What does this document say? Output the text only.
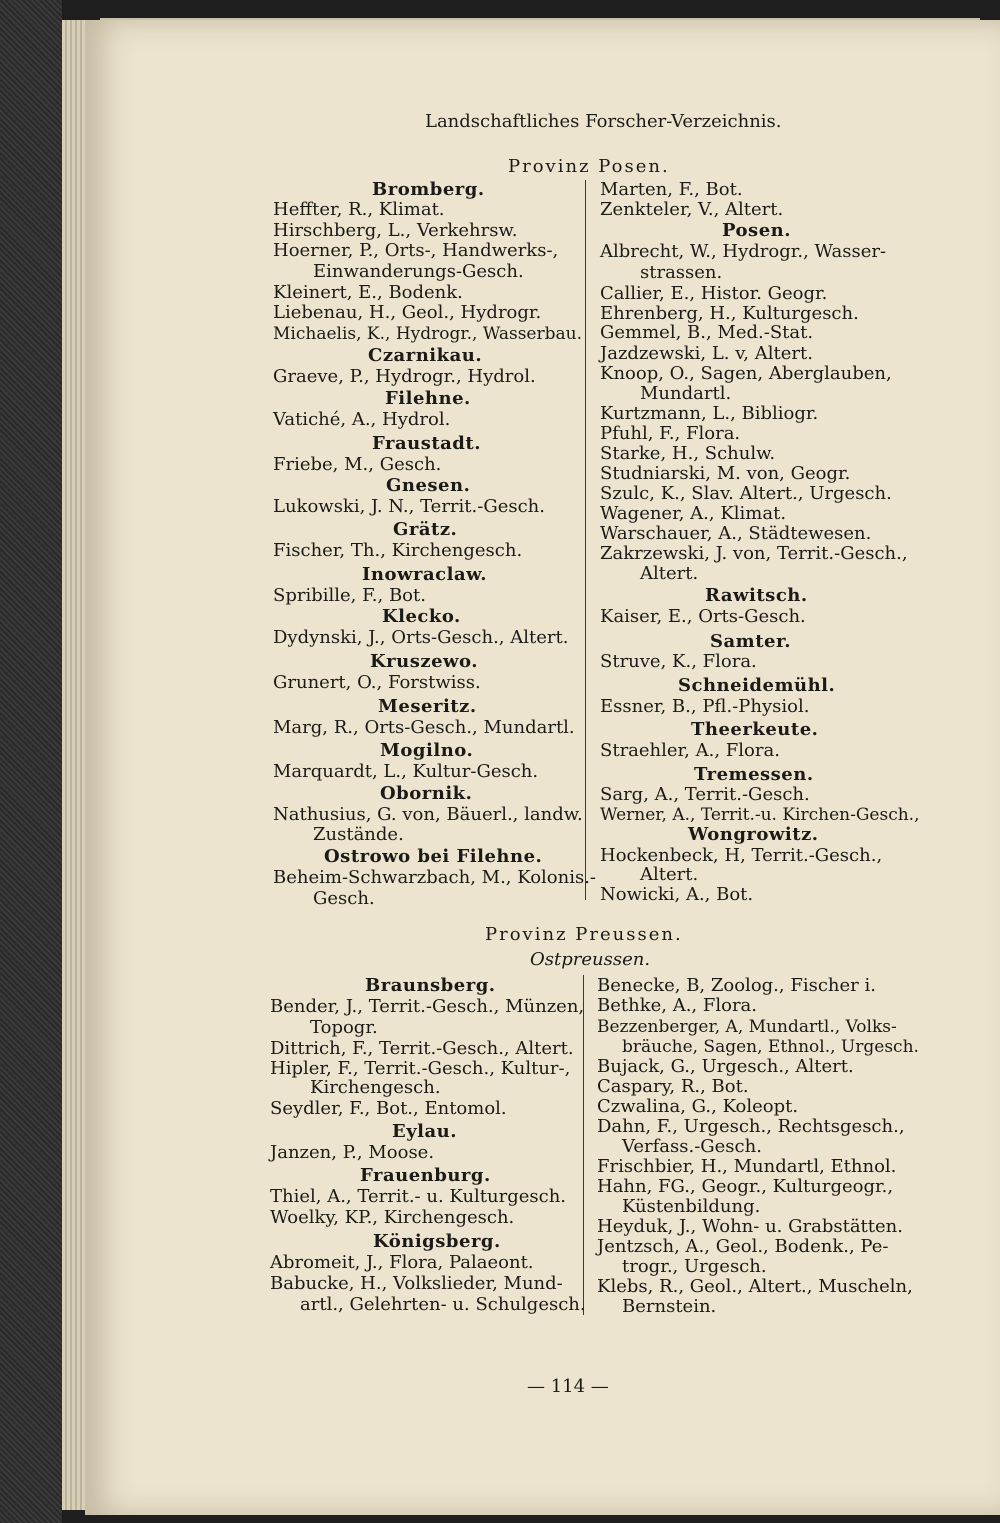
Landschaftliches Forscher-Verzeichnis.
Provinz Posen.
Bromberg.
Heffter, R., Klimat.
Hirschberg, L., Verkehrsw.
Hoerner, P., Orts-, Handwerks-,
Einwanderungs-Gesch.
Kleinert, E., Bodenk.
Liebenau, H., Geol., Hydrogr.
Michaelis, K., Hydrogr., Wasserbau.
Czarnikau.
Graeve, P., Hydrogr., Hydrol.
Filehne.
Vatiché, A., Hydrol.
Fraustadt.
Friebe, M., Gesch.
Gnesen.
Lukowski, J. N., Territ.-Gesch.
Grätz.
Fischer, Th., Kirchengesch.
Inowraclaw.
Spribille, F., Bot.
Klecko.
Dydynski, J., Orts-Gesch., Altert.
Kruszewo.
Grunert, O., Forstwiss.
Meseritz.
Marg, R., Orts-Gesch., Mundartl.
Mogilno.
Marquardt, L., Kultur-Gesch.
Obornik.
Nathusius, G. von, Bäuerl., landw.
Zustände.
Ostrowo bei Filehne.
Beheim-Schwarzbach, M., Kolonis.-
Gesch.
Marten, F., Bot.
Zenkteler, V., Altert.
Posen.
Albrecht, W., Hydrogr., Wasser-
strassen.
Callier, E., Histor. Geogr.
Ehrenberg, H., Kulturgesch.
Gemmel, B., Med.-Stat.
Jazdzewski, L. v, Altert.
Knoop, O., Sagen, Aberglauben,
Mundartl.
Kurtzmann, L., Bibliogr.
Pfuhl, F., Flora.
Starke, H., Schulw.
Studniarski, M. von, Geogr.
Szulc, K., Slav. Altert., Urgesch.
Wagener, A., Klimat.
Warschauer, A., Städtewesen.
Zakrzewski, J. von, Territ.-Gesch.,
Altert.
Rawitsch.
Kaiser, E., Orts-Gesch.
Samter.
Struve, K., Flora.
Schneidemühl.
Essner, B., Pfl.-Physiol.
Theerkeute.
Straehler, A., Flora.
Tremessen.
Sarg, A., Territ.-Gesch.
Werner, A., Territ.-u. Kirchen-Gesch.,
Wongrowitz.
Hockenbeck, H, Territ.-Gesch.,
Altert.
Nowicki, A., Bot.
Provinz Preussen.
Ostpreussen.
Braunsberg.
Bender, J., Territ.-Gesch., Münzen,
Topogr.
Dittrich, F., Territ.-Gesch., Altert.
Hipler, F., Territ.-Gesch., Kultur-,
Kirchengesch.
Seydler, F., Bot., Entomol.
Eylau.
Janzen, P., Moose.
Frauenburg.
Thiel, A., Territ.- u. Kulturgesch.
Woelky, KP., Kirchengesch.
Königsberg.
Abromeit, J., Flora, Palaeont.
Babucke, H., Volkslieder, Mund-
artl., Gelehrten- u. Schulgesch.
Benecke, B, Zoolog., Fischer i.
Bethke, A., Flora.
Bezzenberger, A, Mundartl., Volks-
bräuche, Sagen, Ethnol., Urgesch.
Bujack, G., Urgesch., Altert.
Caspary, R., Bot.
Czwalina, G., Koleopt.
Dahn, F., Urgesch., Rechtsgesch.,
Verfass.-Gesch.
Frischbier, H., Mundartl, Ethnol.
Hahn, FG., Geogr., Kulturgeogr.,
Küstenbildung.
Heyduk, J., Wohn- u. Grabstätten.
Jentzsch, A., Geol., Bodenk., Pe-
trogr., Urgesch.
Klebs, R., Geol., Altert., Muscheln,
Bernstein.
— 114 —
